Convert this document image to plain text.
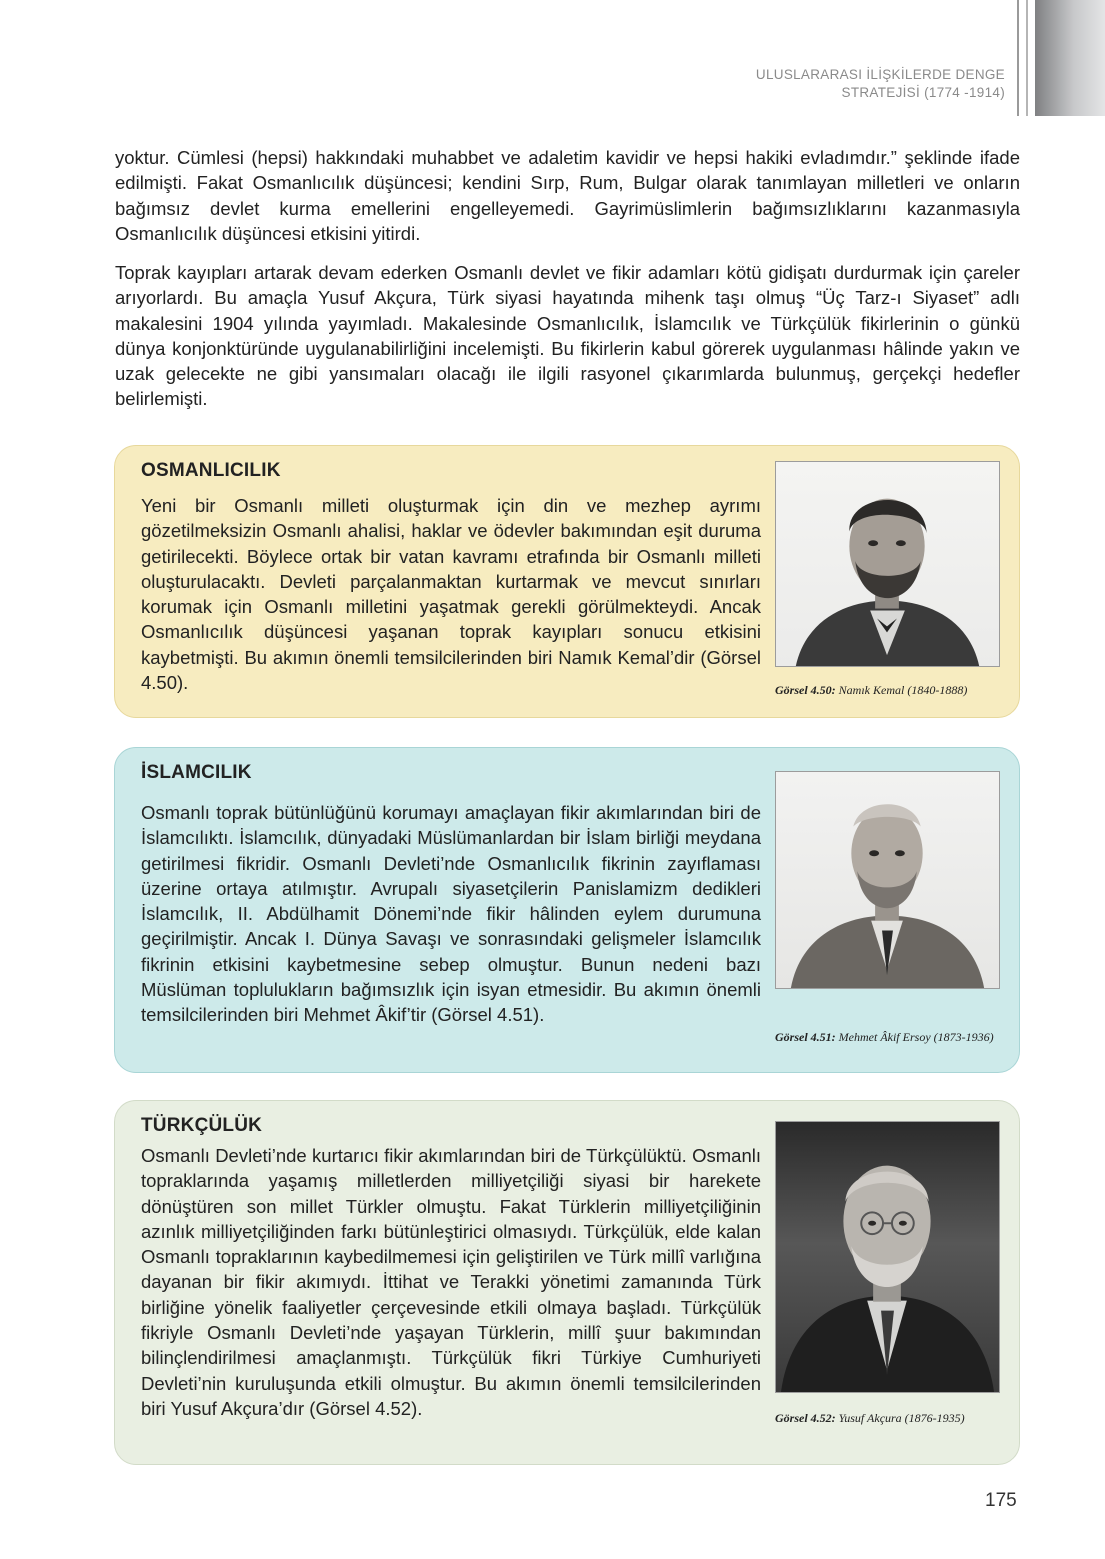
ULUSLARARASI İLİŞKİLERDE DENGE
STRATEJİSİ (1774 -1914)

yoktur. Cümlesi (hepsi) hakkındaki muhabbet ve adaletim kavidir ve hepsi hakiki evladımdır.” şeklinde ifade edilmişti. Fakat Osmanlıcılık düşüncesi; kendini Sırp, Rum, Bulgar olarak tanımlayan milletleri ve onların bağımsız devlet kurma emellerini engelleyemedi. Gayrimüslimlerin bağımsızlıklarını kazanmasıyla Osmanlıcılık düşüncesi etkisini yitirdi.

Toprak kayıpları artarak devam ederken Osmanlı devlet ve fikir adamları kötü gidişatı durdurmak için çareler arıyorlardı. Bu amaçla Yusuf Akçura, Türk siyasi hayatında mihenk taşı olmuş “Üç Tarz-ı Siyaset” adlı makalesini 1904 yılında yayımladı. Makalesinde Osmanlıcılık, İslamcılık ve Türkçülük fikirlerinin o günkü dünya konjonktüründe uygulanabilirliğini incelemişti. Bu fikirlerin kabul görerek uygulanması hâlinde yakın ve uzak gelecekte ne gibi yansımaları olacağı ile ilgili rasyonel çıkarımlarda bulunmuş, gerçekçi hedefler belirlemişti.

OSMANLICILIK
Yeni bir Osmanlı milleti oluşturmak için din ve mezhep ayrımı gözetilmeksizin Osmanlı ahalisi, haklar ve ödevler bakımından eşit duruma getirilecekti. Böylece ortak bir vatan kavramı etrafında bir Osmanlı milleti oluşturulacaktı. Devleti parçalanmaktan kurtarmak ve mevcut sınırları korumak için Osmanlı milletini yaşatmak gerekli görülmekteydi. Ancak Osmanlıcılık düşüncesi yaşanan toprak kayıpları sonucu etkisini kaybetmişti. Bu akımın önemli temsilcilerinden biri Namık Kemal’dir (Görsel 4.50).	Görsel 4.50: Namık Kemal (1840-1888)
İSLAMCILIK
Osmanlı toprak bütünlüğünü korumayı amaçlayan fikir akımlarından biri de İslamcılıktı. İslamcılık, dünyadaki Müslümanlardan bir İslam birliği meydana getirilmesi fikridir. Osmanlı Devleti’nde Osmanlıcılık fikrinin zayıflaması üzerine ortaya atılmıştır. Avrupalı siyasetçilerin Panislamizm dedikleri İslamcılık, II. Abdülhamit Dönemi’nde fikir hâlinden eylem durumuna geçirilmiştir. Ancak I. Dünya Savaşı ve sonrasındaki gelişmeler İslamcılık fikrinin etkisini kaybetmesine sebep olmuştur. Bunun nedeni bazı Müslüman toplulukların bağımsızlık için isyan etmesidir. Bu akımın önemli temsilcilerinden biri Mehmet Âkif’tir (Görsel 4.51).
Görsel 4.51: Mehmet Âkif Ersoy (1873-1936)
TÜRKÇÜLÜK
Osmanlı Devleti’nde kurtarıcı fikir akımlarından biri de Türkçülüktü. Osmanlı topraklarında yaşamış milletlerden milliyetçiliği siyasi bir harekete dönüştüren son millet Türkler olmuştu. Fakat Türklerin milliyetçiliğinin azınlık milliyetçiliğinden farkı bütünleştirici olmasıydı. Türkçülük, elde kalan Osmanlı topraklarının kaybedilmemesi için geliştirilen ve Türk millî varlığına dayanan bir fikir akımıydı. İttihat ve Terakki yönetimi zamanında Türk birliğine yönelik faaliyetler çerçevesinde etkili olmaya başladı. Türkçülük fikriyle Osmanlı Devleti’nde yaşayan Türklerin, millî şuur bakımından bilinçlendirilmesi amaçlanmıştı. Türkçülük fikri Türkiye Cumhuriyeti Devleti’nin kuruluşunda etkili olmuştur. Bu akımın önemli temsilcilerinden biri Yusuf Akçura’dır (Görsel 4.52).	Görsel 4.52: Yusuf Akçura (1876-1935)
175
